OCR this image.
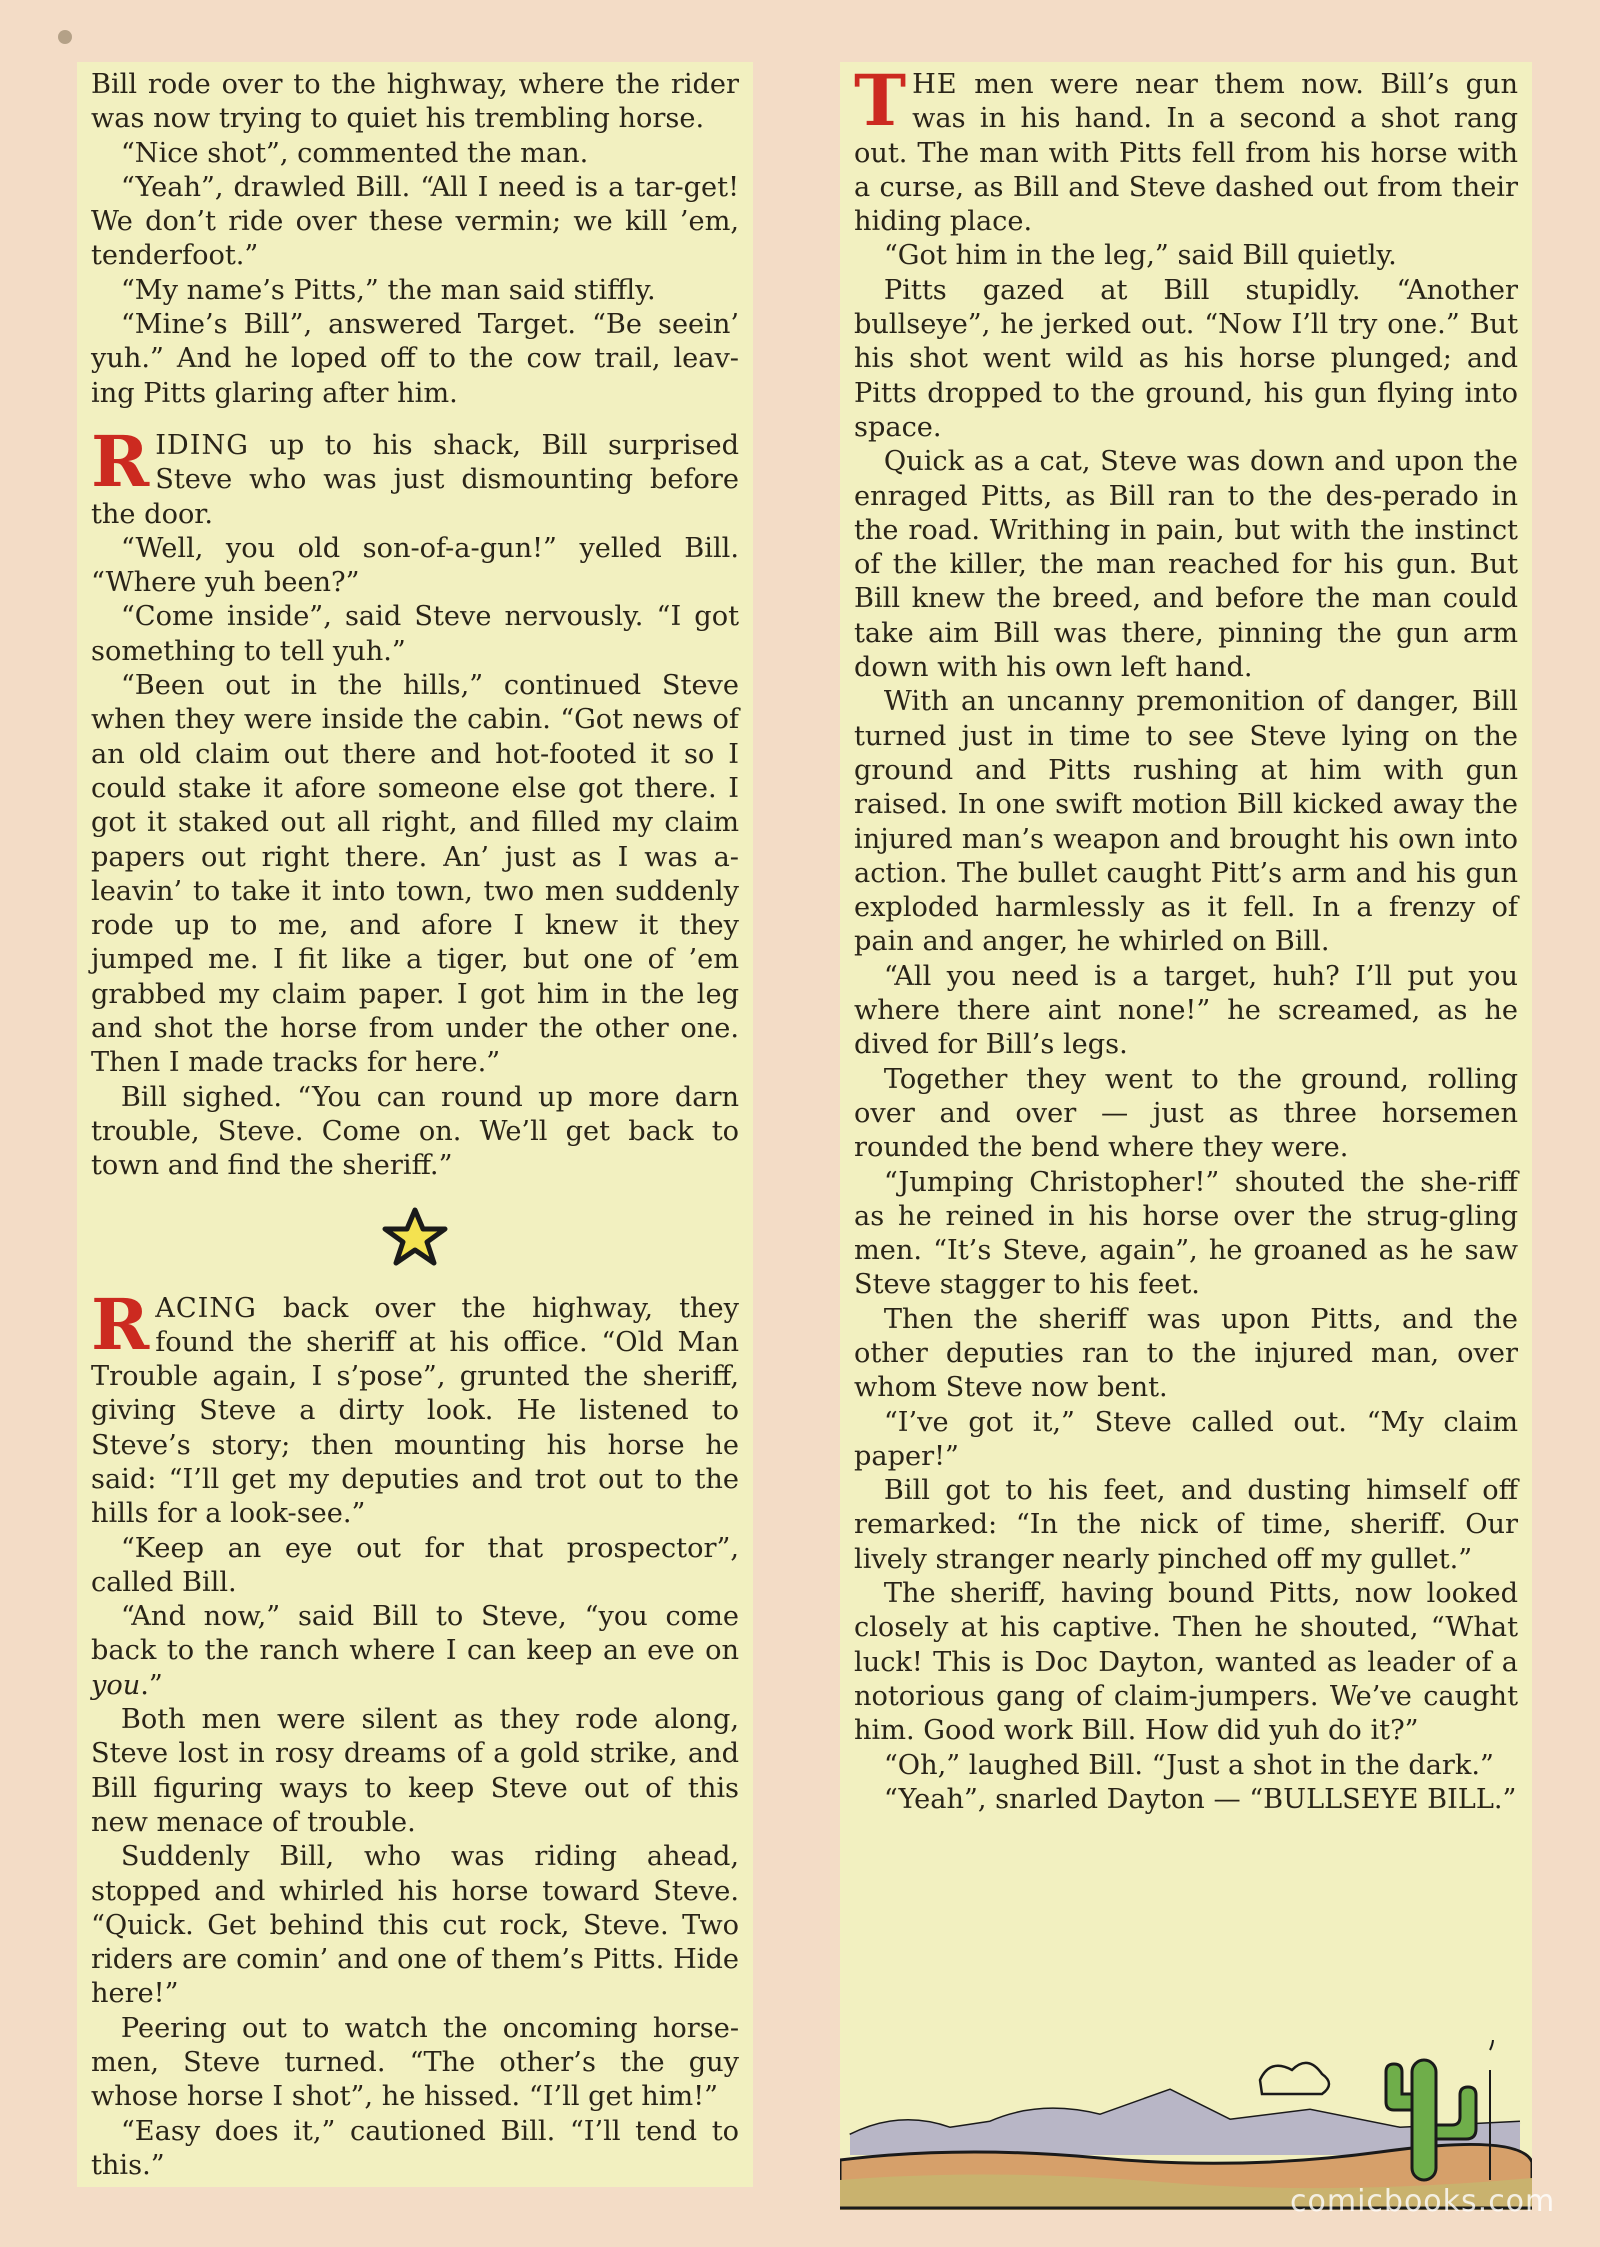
Bill rode over to the highway, where the rider was now trying to quiet his trembling horse.

“Nice shot”, commented the man.

“Yeah”, drawled Bill. “All I need is a tar-get! We don’t ride over these vermin; we kill ’em, tenderfoot.”

“My name’s Pitts,” the man said stiffly.

“Mine’s Bill”, answered Target. “Be seein’ yuh.” And he loped off to the cow trail, leav-ing Pitts glaring after him.

RIDING up to his shack, Bill surprised Steve who was just dismounting before the door.

“Well, you old son-of-a-gun!” yelled Bill. “Where yuh been?”

“Come inside”, said Steve nervously. “I got something to tell yuh.”

“Been out in the hills,” continued Steve when they were inside the cabin. “Got news of an old claim out there and hot-footed it so I could stake it afore someone else got there. I got it staked out all right, and filled my claim papers out right there. An’ just as I was a-leavin’ to take it into town, two men suddenly rode up to me, and afore I knew it they jumped me. I fit like a tiger, but one of ’em grabbed my claim paper. I got him in the leg and shot the horse from under the other one. Then I made tracks for here.”

Bill sighed. “You can round up more darn trouble, Steve. Come on. We’ll get back to town and find the sheriff.”

RACING back over the highway, they found the sheriff at his office. “Old Man Trouble again, I s’pose”, grunted the sheriff, giving Steve a dirty look. He listened to Steve’s story; then mounting his horse he said: “I’ll get my deputies and trot out to the hills for a look-see.”

“Keep an eye out for that prospector”, called Bill.

“And now,” said Bill to Steve, “you come back to the ranch where I can keep an eve on you.”

Both men were silent as they rode along, Steve lost in rosy dreams of a gold strike, and Bill figuring ways to keep Steve out of this new menace of trouble.

Suddenly Bill, who was riding ahead, stopped and whirled his horse toward Steve. “Quick. Get behind this cut rock, Steve. Two riders are comin’ and one of them’s Pitts. Hide here!”

Peering out to watch the oncoming horse-men, Steve turned. “The other’s the guy whose horse I shot”, he hissed. “I’ll get him!”

“Easy does it,” cautioned Bill. “I’ll tend to this.”

THE men were near them now. Bill’s gun was in his hand. In a second a shot rang out. The man with Pitts fell from his horse with a curse, as Bill and Steve dashed out from their hiding place.

“Got him in the leg,” said Bill quietly.

Pitts gazed at Bill stupidly. “Another bullseye”, he jerked out. “Now I’ll try one.” But his shot went wild as his horse plunged; and Pitts dropped to the ground, his gun flying into space.

Quick as a cat, Steve was down and upon the enraged Pitts, as Bill ran to the des-perado in the road. Writhing in pain, but with the instinct of the killer, the man reached for his gun. But Bill knew the breed, and before the man could take aim Bill was there, pinning the gun arm down with his own left hand.

With an uncanny premonition of danger, Bill turned just in time to see Steve lying on the ground and Pitts rushing at him with gun raised. In one swift motion Bill kicked away the injured man’s weapon and brought his own into action. The bullet caught Pitt’s arm and his gun exploded harmlessly as it fell. In a frenzy of pain and anger, he whirled on Bill.

“All you need is a target, huh? I’ll put you where there aint none!” he screamed, as he dived for Bill’s legs.

Together they went to the ground, rolling over and over — just as three horsemen rounded the bend where they were.

“Jumping Christopher!” shouted the she-riff as he reined in his horse over the strug-gling men. “It’s Steve, again”, he groaned as he saw Steve stagger to his feet.

Then the sheriff was upon Pitts, and the other deputies ran to the injured man, over whom Steve now bent.

“I’ve got it,” Steve called out. “My claim paper!”

Bill got to his feet, and dusting himself off remarked: “In the nick of time, sheriff. Our lively stranger nearly pinched off my gullet.”

The sheriff, having bound Pitts, now looked closely at his captive. Then he shouted, “What luck! This is Doc Dayton, wanted as leader of a notorious gang of claim-jumpers. We’ve caught him. Good work Bill. How did yuh do it?”

“Oh,” laughed Bill. “Just a shot in the dark.”

“Yeah”, snarled Dayton — “BULLSEYE BILL.”

comicbooks.com
